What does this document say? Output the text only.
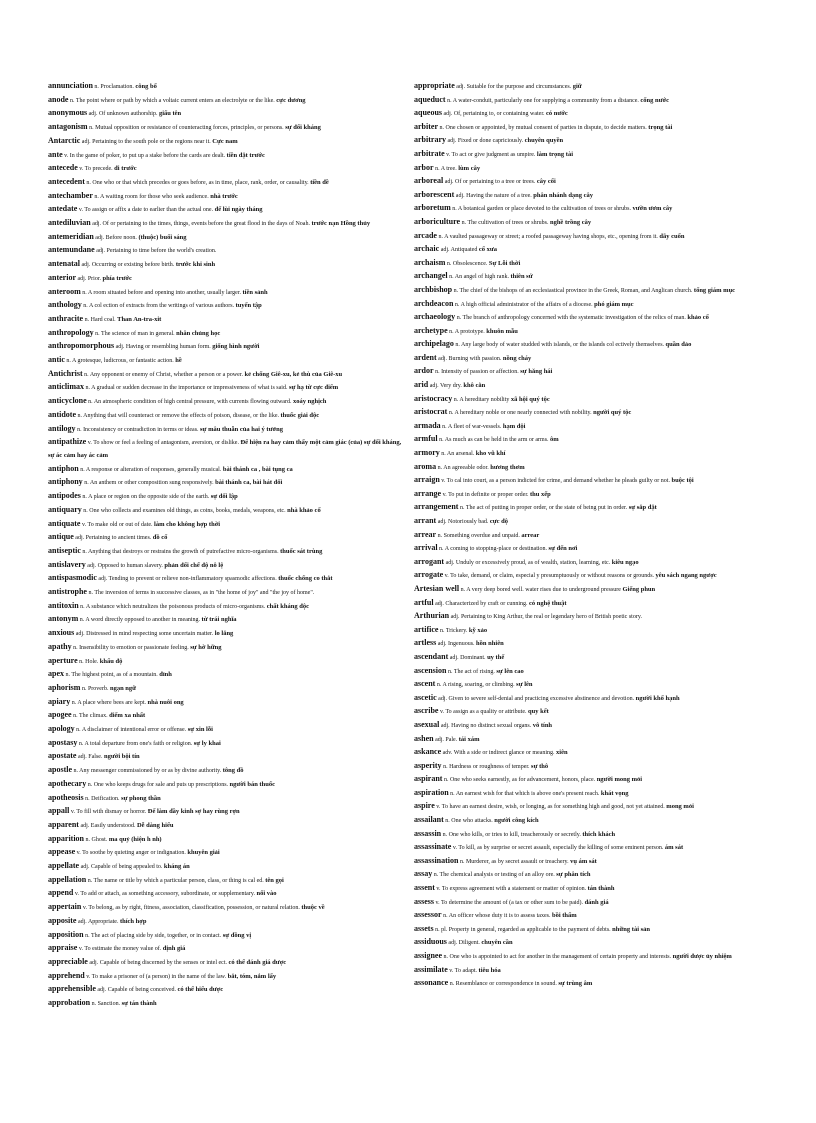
annunciation n. Proclamation. công bố

anode n. The point where or path by which a voltaic current enters an electrolyte or the like. cực dương

anonymous adj. Of unknown authorship. giấu tên

antagonism n. Mutual opposition or resistance of counteracting forces, principles, or persons. sự đối kháng

Antarctic adj. Pertaining to the south pole or the regions near it. Cực nam

ante v. In the game of poker, to put up a stake before the cards are dealt. tiền đặt trước

antecede v. To precede. đi trước

antecedent n. One who or that which precedes or goes before, as in time, place, rank, order, or causality. tiền đề

antechamber n. A waiting room for those who seek audience. nhà trước

antedate v. To assign or affix a date to earlier than the actual one. để lùi ngày tháng

antediluvian adj. Of or pertaining to the times, things, events before the great flood in the days of Noah. trước nạn Hồng thủy

antemeridian adj. Before noon. (thuộc) buổi sáng

antemundane adj. Pertaining to time before the world's creation.

antenatal adj. Occurring or existing before birth. trước khi sinh

anterior adj. Prior. phía trước

anteroom n. A room situated before and opening into another, usually larger. tiền sảnh

anthology n. A col ection of extracts from the writings of various authors. tuyển tập

anthracite n. Hard coal. Than An-tra-xit

anthropology n. The science of man in general. nhân chủng học

anthropomorphous adj. Having or resembling human form. giống hình người

antic n. A grotesque, ludicrous, or fantastic action. hề

Antichrist n. Any opponent or enemy of Christ, whether a person or a power. kẻ chống Giê-xu, kẻ thù của Giê-xu

anticlimax n. A gradual or sudden decrease in the importance or impressiveness of what is said. sự hạ từ cực điểm

anticyclone n. An atmospheric condition of high central pressure, with currents flowing outward. xoáy nghịch

antidote n. Anything that will counteract or remove the effects of poison, disease, or the like. thuốc giải độc

antilogy n. Inconsistency or contradiction in terms or ideas. sự mâu thuẫn của hai ý tưởng

antipathize v. To show or feel a feeling of antagonism, aversion, or dislike. Để hiện ra hay cảm thấy một cảm giác (của) sự đối kháng, sự ác cảm hay ác cảm

antiphon n. A response or alteration of responses, generally musical. bài thánh ca , bài tụng ca

antiphony n. An anthem or other composition sung responsively. bài thánh ca, bài hát đối

antipodes n. A place or region on the opposite side of the earth. sự đối lập

antiquary n. One who collects and examines old things, as coins, books, medals, weapons, etc. nhà khảo cổ

antiquate v. To make old or out of date. làm cho không hợp thời

antique adj. Pertaining to ancient times. đồ cổ

antiseptic n. Anything that destroys or restrains the growth of putrefactive micro-organisms. thuốc sát trùng

antislavery adj. Opposed to human slavery. phản đối chế độ nô lệ

antispasmodic adj. Tending to prevent or relieve non-inflammatory spasmodic affections. thuốc chống co thắt

antistrophe n. The inversion of terms in successive classes, as in "the home of joy" and "the joy of home".

antitoxin n. A substance which neutralizes the poisonous products of micro-organisms. chất kháng độc

antonym n. A word directly opposed to another in meaning. từ trái nghĩa

anxious adj. Distressed in mind respecting some uncertain matter. lo lắng

apathy n. Insensibility to emotion or passionate feeling. sự hờ hững

aperture n. Hole. khẩu độ

apex n. The highest point, as of a mountain. đỉnh

aphorism n. Proverb. ngạn ngữ

apiary n. A place where bees are kept. nhà nuôi ong

apogee n. The climax. điểm xa nhất

apology n. A disclaimer of intentional error or offense. sự xin lỗi

apostasy n. A total departure from one's faith or religion. sự ly khai

apostate adj. False. người bội tín

apostle n. Any messenger commissioned by or as by divine authority. tông đồ

apothecary n. One who keeps drugs for sale and puts up prescriptions. người bán thuốc

apotheosis n. Deification. sự phong thần

appall v. To fill with dismay or horror. Để làm đầy kinh sợ hay rùng rợn

apparent adj. Easily understood. Dễ dàng hiểu

apparition n. Ghost. ma quỷ (hiện h nh)

appease v. To soothe by quieting anger or indignation. khuyên giải

appellate adj. Capable of being appealed to. kháng án

appellation n. The name or title by which a particular person, class, or thing is cal ed. tên gọi

append v. To add or attach, as something accessory, subordinate, or supplementary. nối vào

appertain v. To belong, as by right, fitness, association, classification, possession, or natural relation. thuộc về

apposite adj. Appropriate. thích hợp

apposition n. The act of placing side by side, together, or in contact. sự đồng vị

appraise v. To estimate the money value of. định giá

appreciable adj. Capable of being discerned by the senses or intel ect. có thể đánh giá được

apprehend v. To make a prisoner of (a person) in the name of the law. bắt, tóm, nắm lấy

apprehensible adj. Capable of being conceived. có thể hiểu được

approbation n. Sanction. sự tán thành

appropriate adj. Suitable for the purpose and circumstances. giữ

aqueduct n. A water-conduit, particularly one for supplying a community from a distance. cống nước

aqueous adj. Of, pertaining to, or containing water. có nước

arbiter n. One chosen or appointed, by mutual consent of parties in dispute, to decide matters. trọng tài

arbitrary adj. Fixed or done capriciously. chuyên quyền

arbitrate v. To act or give judgment as umpire. làm trọng tài

arbor n. A tree. lùm cây

arboreal adj. Of or pertaining to a tree or trees. cây cối

arborescent adj. Having the nature of a tree. phân nhánh dạng cây

arboretum n. A botanical garden or place devoted to the cultivation of trees or shrubs. vườn ươm cây

arboriculture n. The cultivation of trees or shrubs. nghề trồng cây

arcade n. A vaulted passageway or street; a roofed passageway having shops, etc., opening from it. dãy cuốn

archaic adj. Antiquated cổ xưa

archaism n. Obsolescence. Sự Lỗi thời

archangel n. An angel of high rank. thiên sứ

archbishop n. The chief of the bishops of an ecclesiastical province in the Greek, Roman, and Anglican church. tổng giám mục

archdeacon n. A high official administrator of the affairs of a diocese. phó giám mục

archaeology n. The branch of anthropology concerned with the systematic investigation of the relics of man. khảo cổ

archetype n. A prototype. khuôn mẫu

archipelago n. Any large body of water studded with islands, or the islands col ectively themselves. quần đảo

ardent adj. Burning with passion. nồng cháy

ardor n. Intensity of passion or affection. sự hăng hái

arid adj. Very dry. khô cằn

aristocracy n. A hereditary nobility xã hội quý tộc

aristocrat n. A hereditary noble or one nearly connected with nobility. người quý tộc

armada n. A fleet of war-vessels. hạm đội

armful n. As much as can be held in the arm or arms. ôm

armory n. An arsenal. kho vũ khí

aroma n. An agreeable odor. hương thơm

arraign v. To cal into court, as a person indicted for crime, and demand whether he pleads guilty or not. buộc tội

arrange v. To put in definite or proper order. thu xếp

arrangement n. The act of putting in proper order, or the state of being put in order. sự sắp đặt

arrant adj. Notoriously bad. cực độ

arrear n. Something overdue and unpaid. arrear

arrival n. A coming to stopping-place or destination. sự đến nơi

arrogant adj. Unduly or excessively proud, as of wealth, station, learning, etc. kiêu ngạo

arrogate v. To take, demand, or claim, especial y presumptuously or without reasons or grounds. yêu sách ngang ngược

Artesian well n. A very deep bored well. water rises due to underground pressure Giếng phun

artful adj. Characterized by craft or cunning. có nghệ thuật

Arthurian adj. Pertaining to King Arthur, the real or legendary hero of British poetic story.

artifice n. Trickery. kỹ xảo

artless adj. Ingenuous. hồn nhiên

ascendant adj. Dominant. uy thế

ascension n. The act of rising. sự lên cao

ascent n. A rising, soaring, or climbing. sự lên

ascetic adj. Given to severe self-denial and practicing excessive abstinence and devotion. người khổ hạnh

ascribe v. To assign as a quality or attribute. quy kết

asexual adj. Having no distinct sexual organs. vô tính

ashen adj. Pale. tái xám

askance adv. With a side or indirect glance or meaning. xiên

asperity n. Hardness or roughness of temper. sự thô

aspirant n. One who seeks earnestly, as for advancement, honors, place. người mong mỏi

aspiration n. An earnest wish for that which is above one's present reach. khát vọng

aspire v. To have an earnest desire, wish, or longing, as for something high and good, not yet attained. mong mỏi

assailant n. One who attacks. người công kích

assassin n. One who kills, or tries to kill, treacherously or secretly. thích khách

assassinate v. To kill, as by surprise or secret assault, especially the killing of some eminent person. ám sát

assassination n. Murderer, as by secret assault or treachery. vụ ám sát

assay n. The chemical analysis or testing of an alloy ore. sự phân tích

assent v. To express agreement with a statement or matter of opinion. tán thành

assess v. To determine the amount of (a tax or other sum to be paid). đánh giá

assessor n. An officer whose duty it is to assess taxes. bồi thẩm

assets n. pl. Property in general, regarded as applicable to the payment of debts. những tài sản

assiduous adj. Diligent. chuyên cần

assignee n. One who is appointed to act for another in the management of certain property and interests. người được ủy nhiệm

assimilate v. To adapt. tiêu hóa

assonance n. Resemblance or correspondence in sound. sự trùng âm
